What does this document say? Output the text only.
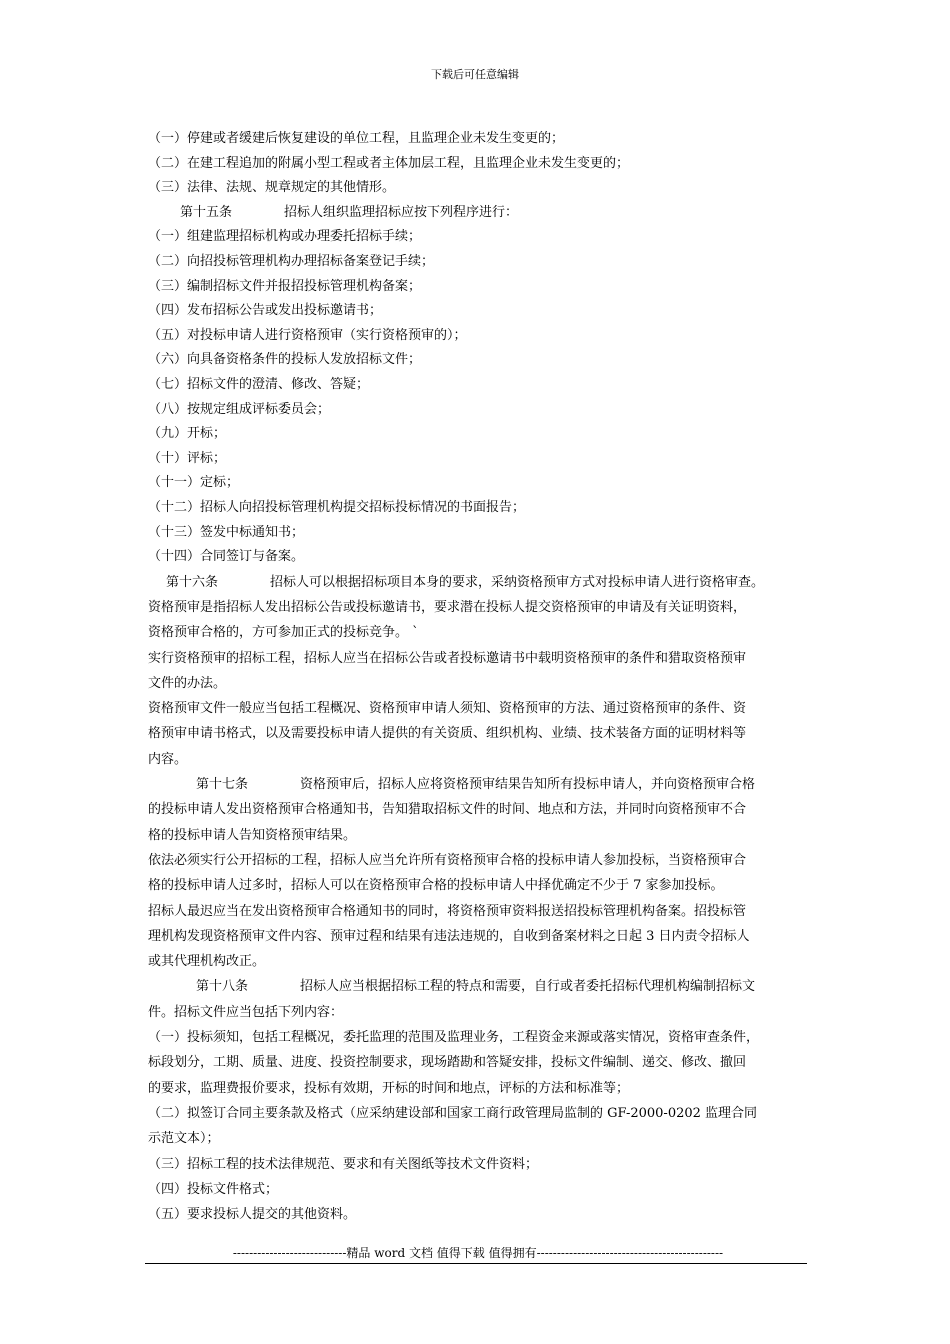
下载后可任意编辑
（一）停建或者缓建后恢复建设的单位工程，且监理企业未发生变更的；
（二）在建工程追加的附属小型工程或者主体加层工程，且监理企业未发生变更的；
（三）法律、法规、规章规定的其他情形。
第十五条	招标人组织监理招标应按下列程序进行：
（一）组建监理招标机构或办理委托招标手续；
（二）向招投标管理机构办理招标备案登记手续；
（三）编制招标文件并报招投标管理机构备案；
（四）发布招标公告或发出投标邀请书；
（五）对投标申请人进行资格预审（实行资格预审的）；
（六）向具备资格条件的投标人发放招标文件；
（七）招标文件的澄清、修改、答疑；
（八）按规定组成评标委员会；
（九）开标；
（十）评标；
（十一）定标；
（十二）招标人向招投标管理机构提交招标投标情况的书面报告；
（十三）签发中标通知书；
（十四）合同签订与备案。
第十六条	招标人可以根据招标项目本身的要求，采纳资格预审方式对投标申请人进行资格审查。
资格预审是指招标人发出招标公告或投标邀请书，要求潜在投标人提交资格预审的申请及有关证明资料，
资格预审合格的，方可参加正式的投标竞争。 `
实行资格预审的招标工程，招标人应当在招标公告或者投标邀请书中载明资格预审的条件和猎取资格预审
文件的办法。
资格预审文件一般应当包括工程概况、资格预审申请人须知、资格预审的方法、通过资格预审的条件、资
格预审申请书格式，以及需要投标申请人提供的有关资质、组织机构、业绩、技术装备方面的证明材料等
内容。
第十七条	资格预审后，招标人应将资格预审结果告知所有投标申请人，并向资格预审合格
的投标申请人发出资格预审合格通知书，告知猎取招标文件的时间、地点和方法，并同时向资格预审不合
格的投标申请人告知资格预审结果。
依法必须实行公开招标的工程，招标人应当允许所有资格预审合格的投标申请人参加投标，当资格预审合
格的投标申请人过多时，招标人可以在资格预审合格的投标申请人中择优确定不少于 7 家参加投标。
招标人最迟应当在发出资格预审合格通知书的同时，将资格预审资料报送招投标管理机构备案。招投标管
理机构发现资格预审文件内容、预审过程和结果有违法违规的，自收到备案材料之日起 3 日内责令招标人
或其代理机构改正。
第十八条	招标人应当根据招标工程的特点和需要，自行或者委托招标代理机构编制招标文
件。招标文件应当包括下列内容：
（一）投标须知，包括工程概况，委托监理的范围及监理业务，工程资金来源或落实情况，资格审查条件，
标段划分，工期、质量、进度、投资控制要求，现场踏勘和答疑安排，投标文件编制、递交、修改、撤回
的要求，监理费报价要求，投标有效期，开标的时间和地点，评标的方法和标准等；
（二）拟签订合同主要条款及格式（应采纳建设部和国家工商行政管理局监制的 GF-2000-0202 监理合同
示范文本）；
（三）招标工程的技术法律规范、要求和有关图纸等技术文件资料；
（四）投标文件格式；
（五）要求投标人提交的其他资料。
----------------------------精品 word 文档 值得下载 值得拥有----------------------------------------------
